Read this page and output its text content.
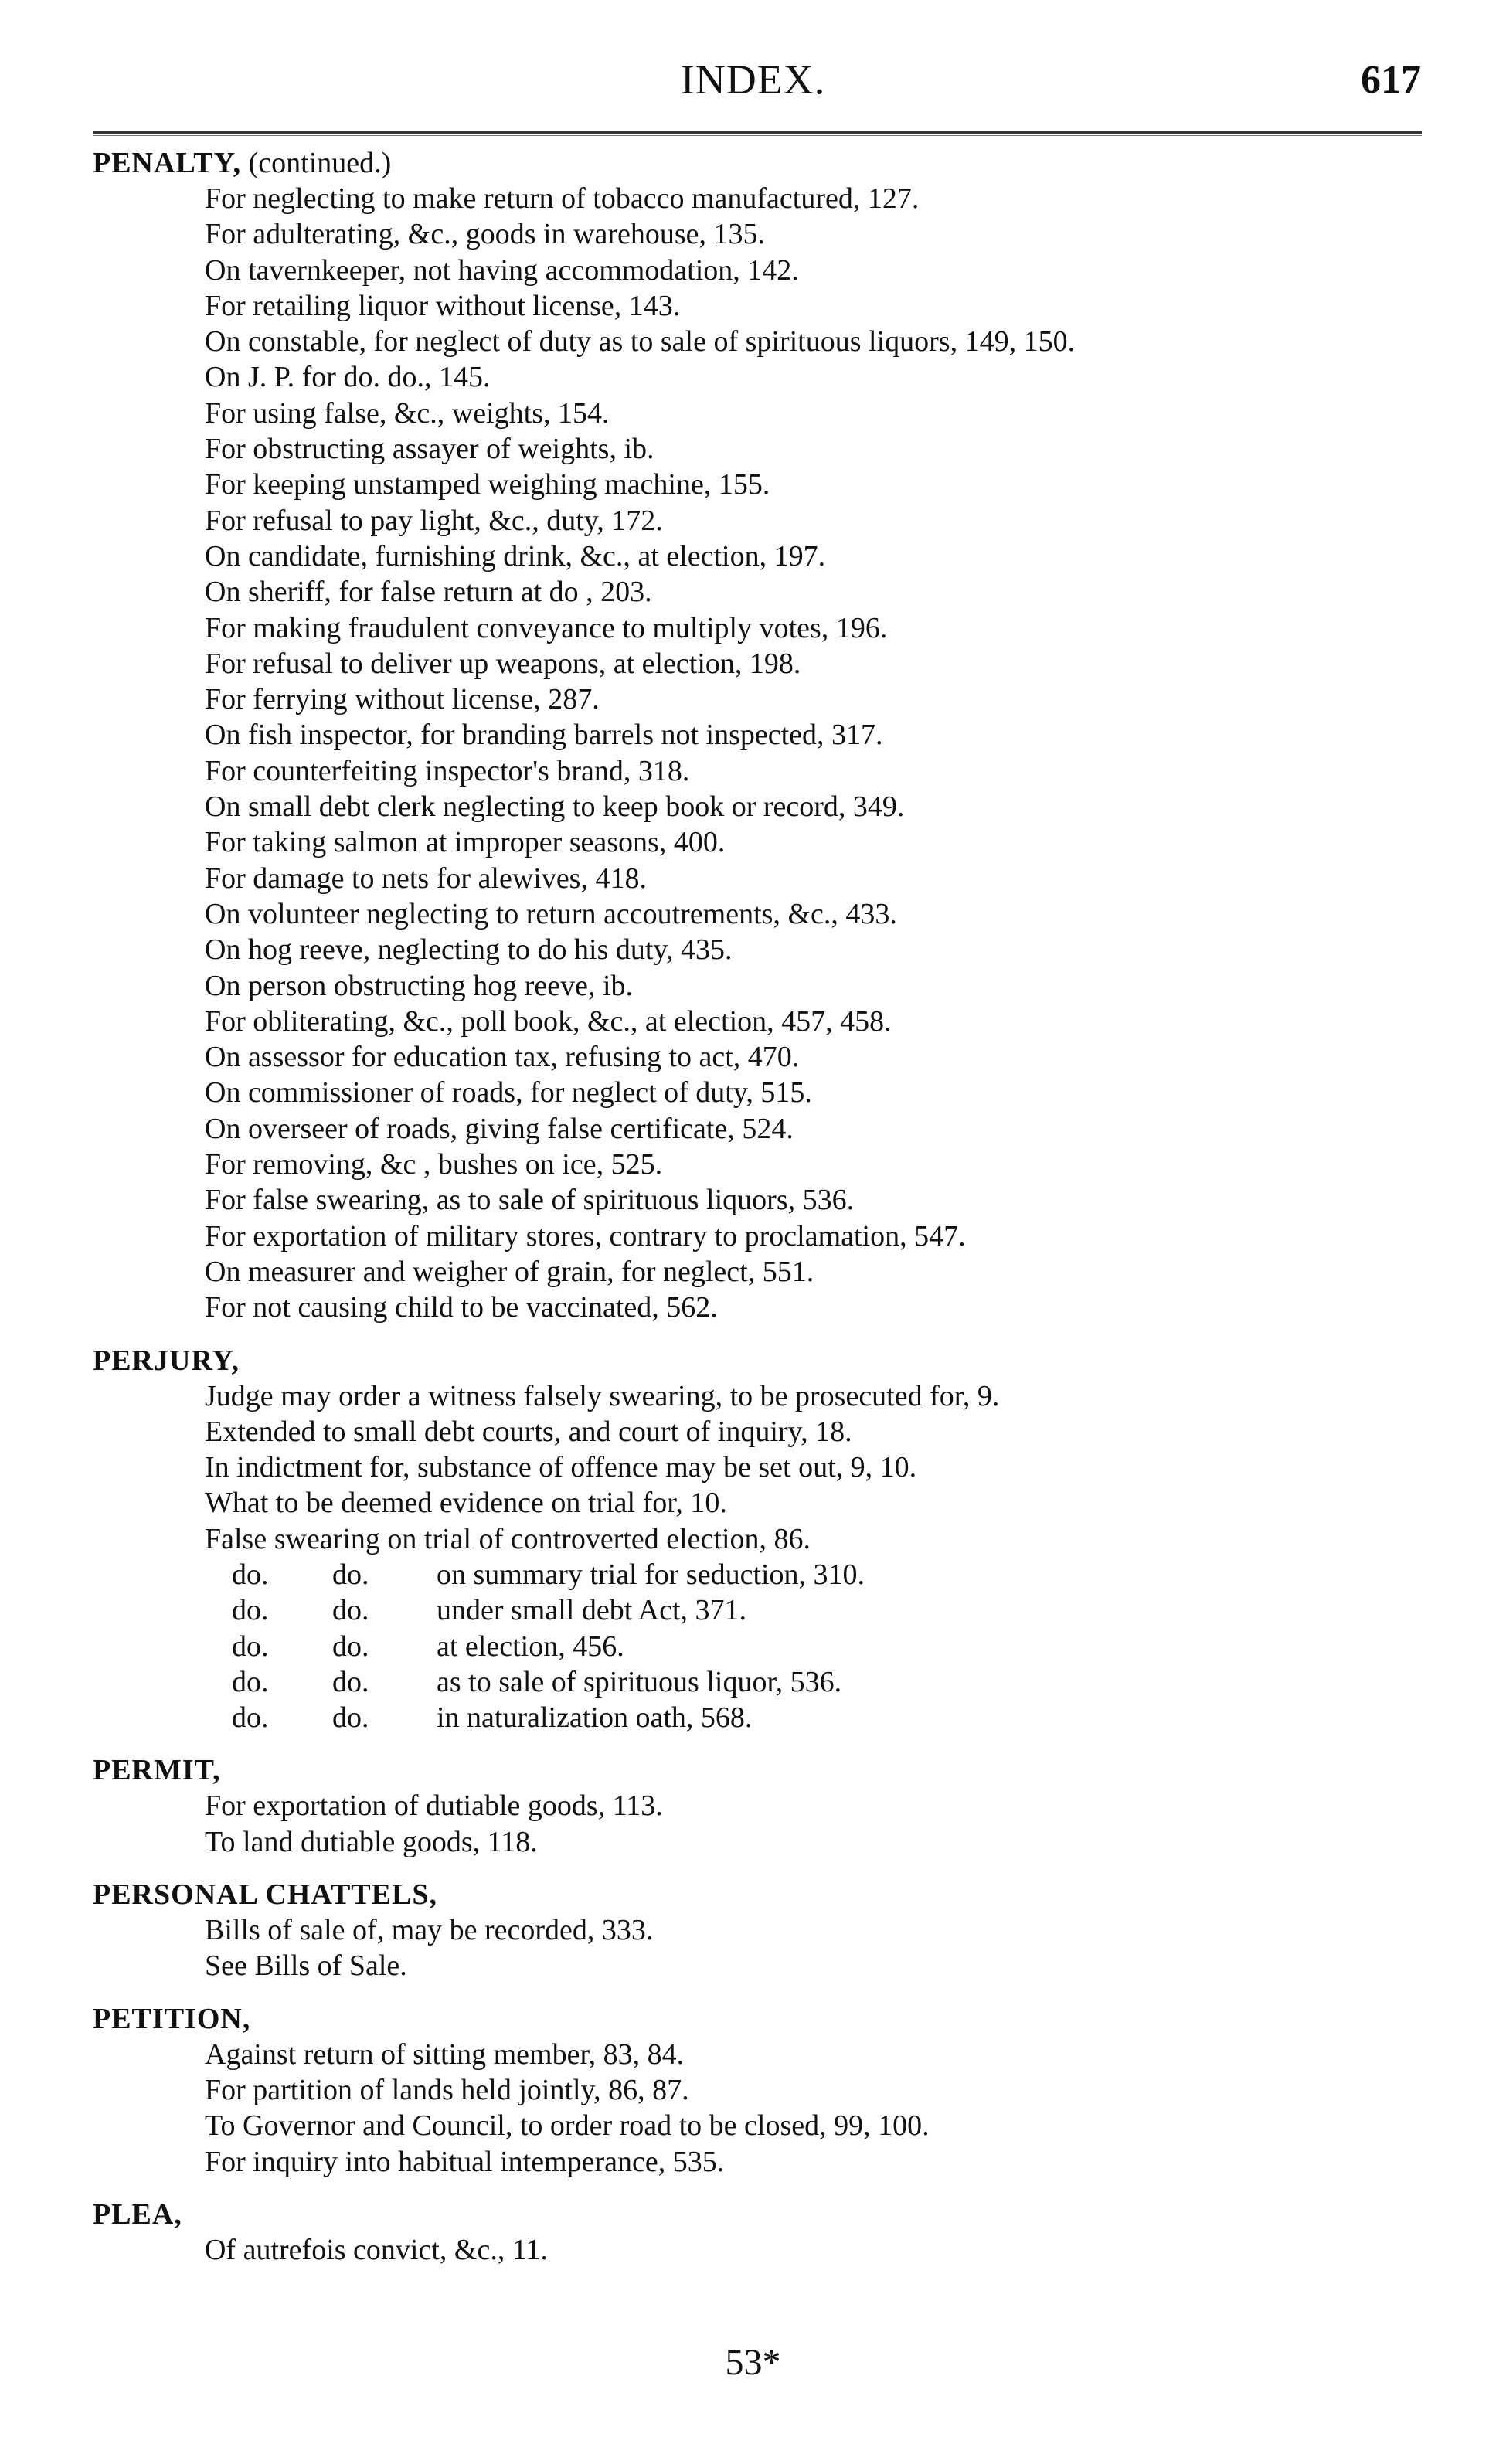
INDEX.	617
PENALTY, (continued.)
For neglecting to make return of tobacco manufactured, 127.
For adulterating, &c., goods in warehouse, 135.
On tavernkeeper, not having accommodation, 142.
For retailing liquor without license, 143.
On constable, for neglect of duty as to sale of spirituous liquors, 149, 150.
On J. P. for do. do., 145.
For using false, &c., weights, 154.
For obstructing assayer of weights, ib.
For keeping unstamped weighing machine, 155.
For refusal to pay light, &c., duty, 172.
On candidate, furnishing drink, &c., at election, 197.
On sheriff, for false return at do , 203.
For making fraudulent conveyance to multiply votes, 196.
For refusal to deliver up weapons, at election, 198.
For ferrying without license, 287.
On fish inspector, for branding barrels not inspected, 317.
For counterfeiting inspector's brand, 318.
On small debt clerk neglecting to keep book or record, 349.
For taking salmon at improper seasons, 400.
For damage to nets for alewives, 418.
On volunteer neglecting to return accoutrements, &c., 433.
On hog reeve, neglecting to do his duty, 435.
On person obstructing hog reeve, ib.
For obliterating, &c., poll book, &c., at election, 457, 458.
On assessor for education tax, refusing to act, 470.
On commissioner of roads, for neglect of duty, 515.
On overseer of roads, giving false certificate, 524.
For removing, &c , bushes on ice, 525.
For false swearing, as to sale of spirituous liquors, 536.
For exportation of military stores, contrary to proclamation, 547.
On measurer and weigher of grain, for neglect, 551.
For not causing child to be vaccinated, 562.
PERJURY,
Judge may order a witness falsely swearing, to be prosecuted for, 9.
Extended to small debt courts, and court of inquiry, 18.
In indictment for, substance of offence may be set out, 9, 10.
What to be deemed evidence on trial for, 10.
False swearing on trial of controverted election, 86.
do.	do.	on summary trial for seduction, 310.
do.	do.	under small debt Act, 371.
do.	do.	at election, 456.
do.	do.	as to sale of spirituous liquor, 536.
do.	do.	in naturalization oath, 568.
PERMIT,
For exportation of dutiable goods, 113.
To land dutiable goods, 118.
PERSONAL CHATTELS,
Bills of sale of, may be recorded, 333.
See Bills of Sale.
PETITION,
Against return of sitting member, 83, 84.
For partition of lands held jointly, 86, 87.
To Governor and Council, to order road to be closed, 99, 100.
For inquiry into habitual intemperance, 535.
PLEA,
Of autrefois convict, &c., 11.
53*
